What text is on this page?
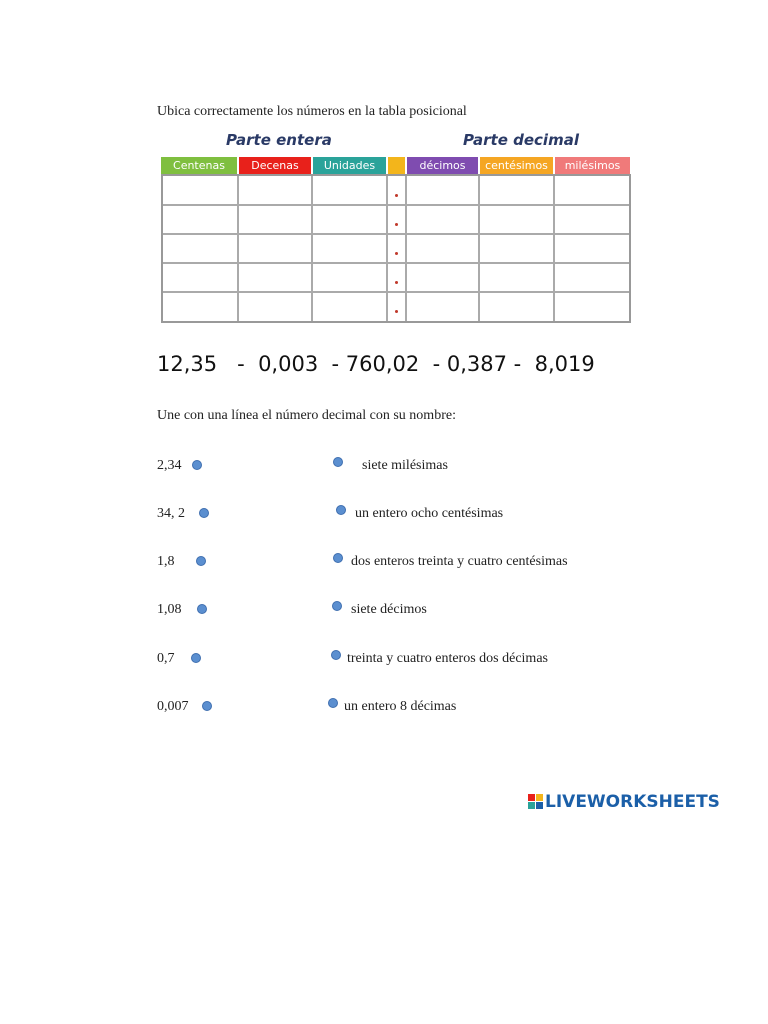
Ubica correctamente los números en la tabla posicional
Parte entera	Parte decimal
Centenas	Decenas	Unidades	décimos	centésimos	milésimos
12,35   -  0,003  - 760,02  - 0,387 -  8,019
Une con una línea el número decimal con su nombre:
2,34	siete milésimas
34, 2	un entero ocho centésimas
1,8	dos enteros treinta y cuatro centésimas
1,08	siete décimos
0,7	treinta y cuatro enteros dos décimas
0,007	un entero 8 décimas
LIVEWORKSHEETS
